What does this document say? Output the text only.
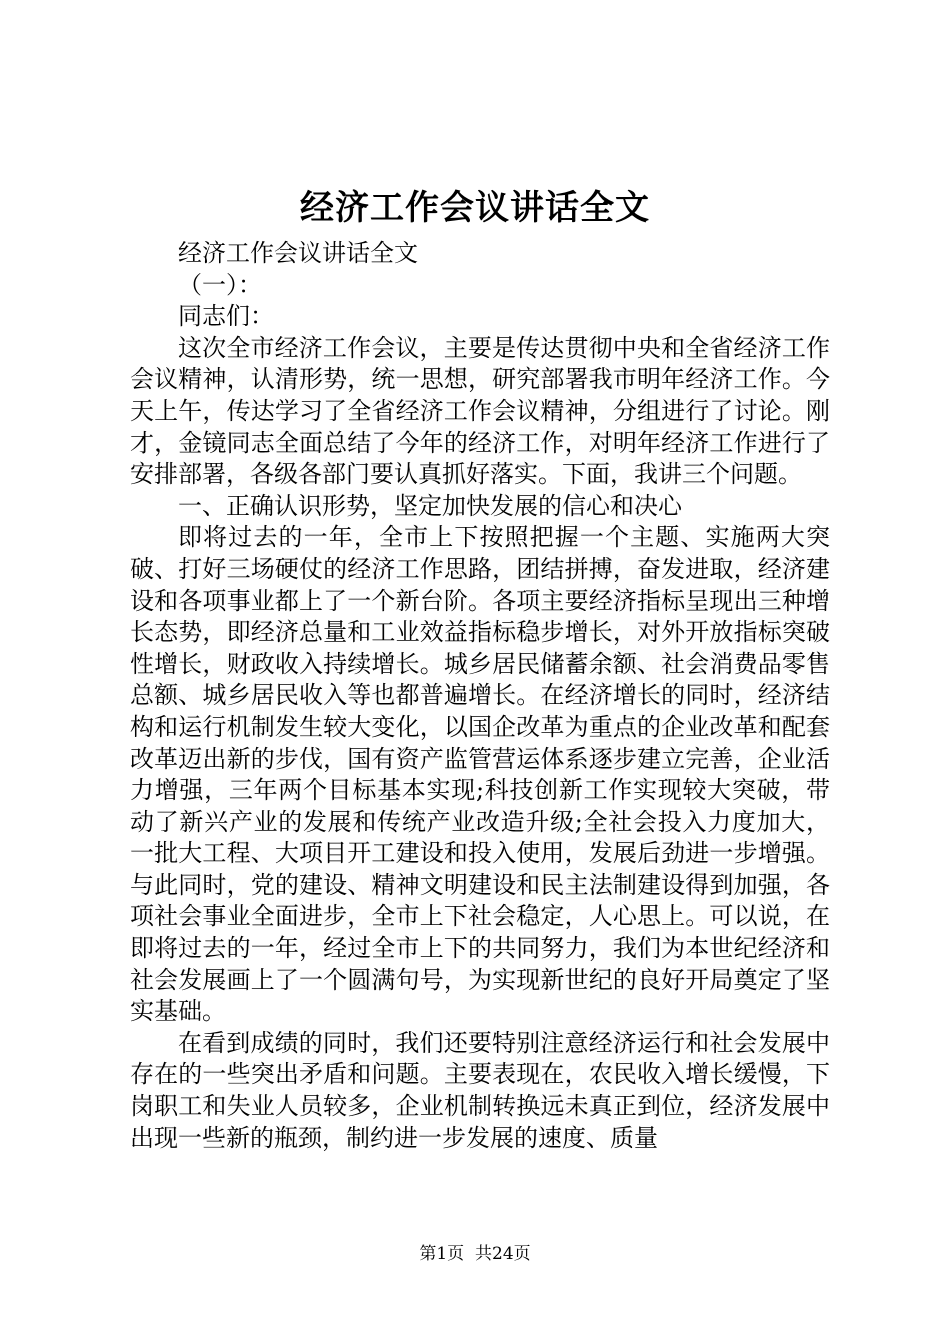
经济工作会议讲话全文

经济工作会议讲话全文

（一）：

同志们：

这次全市经济工作会议，主要是传达贯彻中央和全省经济工作会议精神，认清形势，统一思想，研究部署我市明年经济工作。今天上午，传达学习了全省经济工作会议精神，分组进行了讨论。刚才，金镜同志全面总结了今年的经济工作，对明年经济工作进行了安排部署，各级各部门要认真抓好落实。下面，我讲三个问题。

一、正确认识形势，坚定加快发展的信心和决心

即将过去的一年，全市上下按照把握一个主题、实施两大突破、打好三场硬仗的经济工作思路，团结拼搏，奋发进取，经济建设和各项事业都上了一个新台阶。各项主要经济指标呈现出三种增长态势，即经济总量和工业效益指标稳步增长，对外开放指标突破性增长，财政收入持续增长。城乡居民储蓄余额、社会消费品零售总额、城乡居民收入等也都普遍增长。在经济增长的同时，经济结构和运行机制发生较大变化，以国企改革为重点的企业改革和配套改革迈出新的步伐，国有资产监管营运体系逐步建立完善，企业活力增强，三年两个目标基本实现;科技创新工作实现较大突破，带动了新兴产业的发展和传统产业改造升级;全社会投入力度加大，一批大工程、大项目开工建设和投入使用，发展后劲进一步增强。与此同时，党的建设、精神文明建设和民主法制建设得到加强，各项社会事业全面进步，全市上下社会稳定，人心思上。可以说，在即将过去的一年，经过全市上下的共同努力，我们为本世纪经济和社会发展画上了一个圆满句号，为实现新世纪的良好开局奠定了坚实基础。

在看到成绩的同时，我们还要特别注意经济运行和社会发展中存在的一些突出矛盾和问题。主要表现在，农民收入增长缓慢，下岗职工和失业人员较多，企业机制转换远未真正到位，经济发展中出现一些新的瓶颈，制约进一步发展的速度、质量

第1页 共24页
